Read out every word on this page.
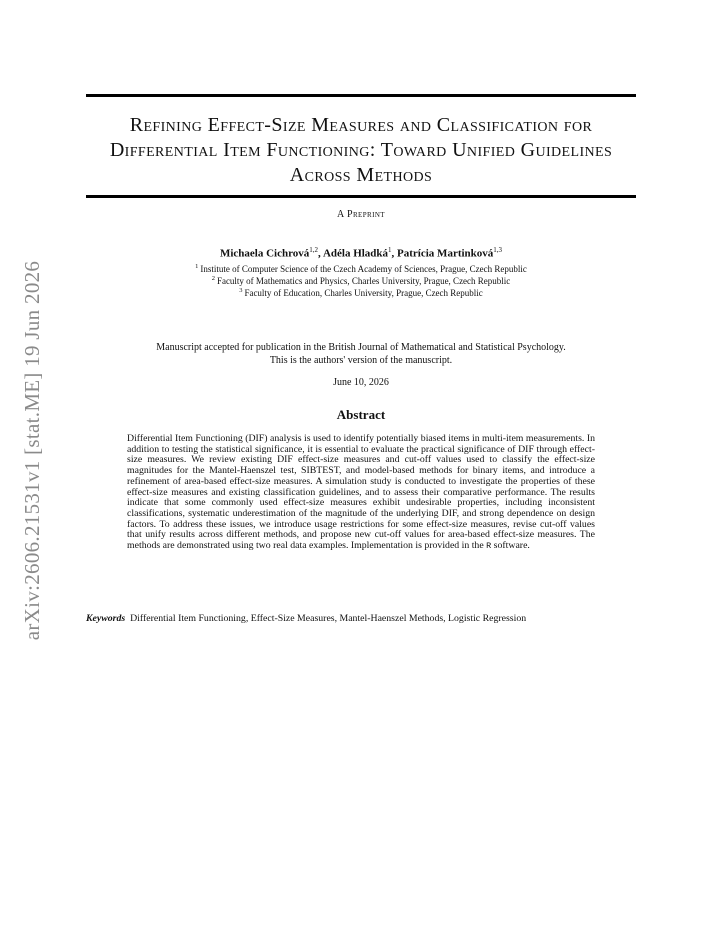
arXiv:2606.21531v1 [stat.ME] 19 Jun 2026
Refining Effect-Size Measures and Classification for Differential Item Functioning: Toward Unified Guidelines Across Methods
A Preprint
Michaela Cichrová$^{1,2}$, Adéla Hladká$^1$, Patrícia Martinková$^{1,3}$
$^1$ Institute of Computer Science of the Czech Academy of Sciences, Prague, Czech Republic
$^2$ Faculty of Mathematics and Physics, Charles University, Prague, Czech Republic
$^3$ Faculty of Education, Charles University, Prague, Czech Republic
Manuscript accepted for publication in the British Journal of Mathematical and Statistical Psychology.
This is the authors' version of the manuscript.
June 10, 2026
Abstract

Differential Item Functioning (DIF) analysis is used to identify potentially biased items in multi-item measurements. In addition to testing the statistical significance, it is essential to evaluate the practical significance of DIF through effect-size measures. We review existing DIF effect-size measures and cut-off values used to classify the effect-size magnitudes for the Mantel-Haenszel test, SIBTEST, and model-based methods for binary items, and introduce a refinement of area-based effect-size measures. A simulation study is conducted to investigate the properties of these effect-size measures and existing classification guidelines, and to assess their comparative performance. The results indicate that some commonly used effect-size measures exhibit undesirable properties, including inconsistent classifications, systematic underestimation of the magnitude of the underlying DIF, and strong dependence on design factors. To address these issues, we introduce usage restrictions for some effect-size measures, revise cut-off values that unify results across different methods, and propose new cut-off values for area-based effect-size measures. The methods are demonstrated using two real data examples. Implementation is provided in the R software.

Keywords Differential Item Functioning, Effect-Size Measures, Mantel-Haenszel Methods, Logistic Regression
